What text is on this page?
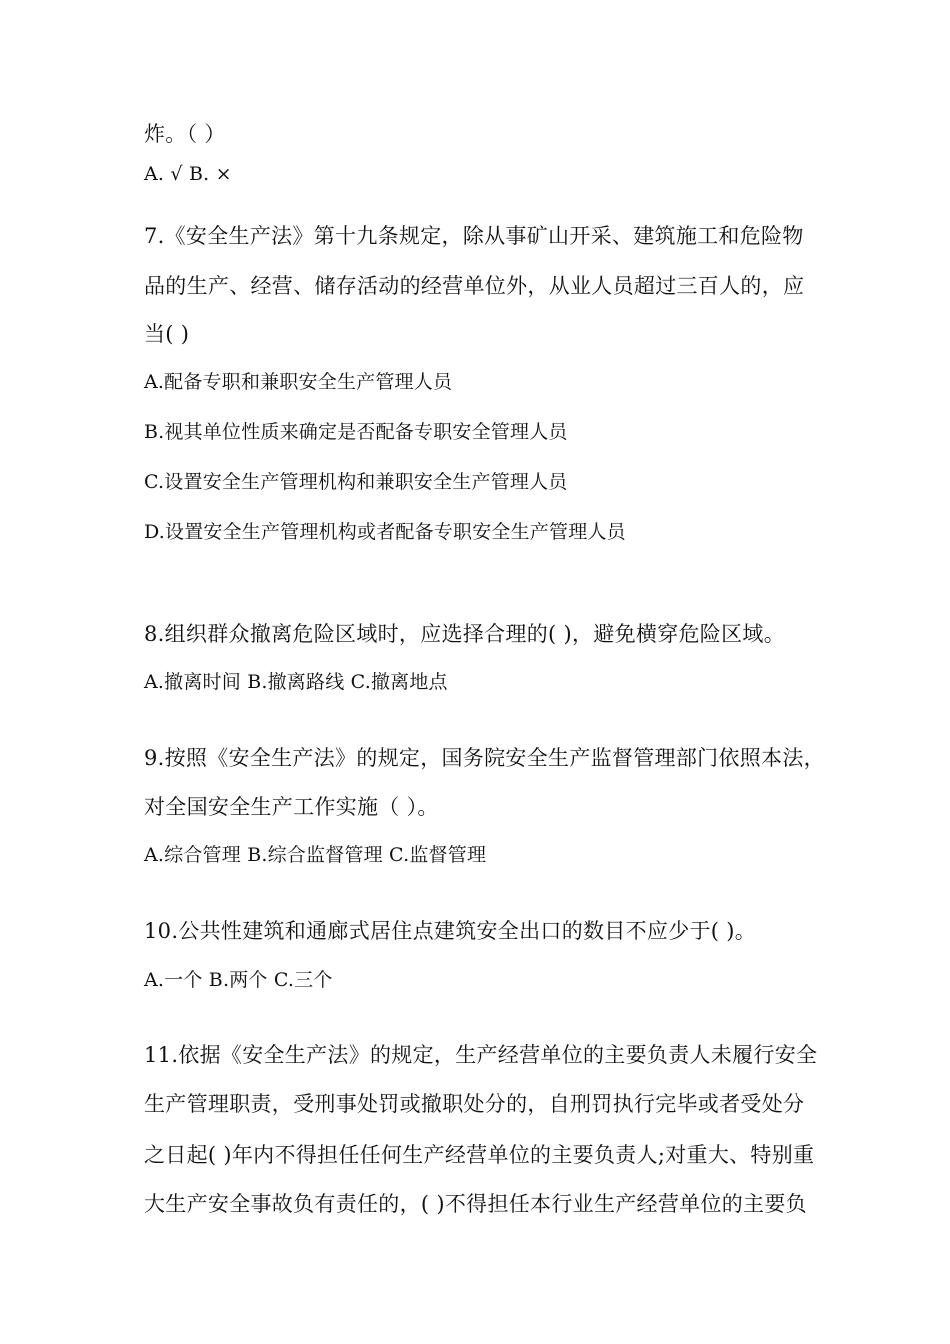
炸。（ ）
A. √ B. ×
7.《安全生产法》第十九条规定，除从事矿山开采、建筑施工和危险物
品的生产、经营、储存活动的经营单位外，从业人员超过三百人的，应
当( )
A.配备专职和兼职安全生产管理人员
B.视其单位性质来确定是否配备专职安全管理人员
C.设置安全生产管理机构和兼职安全生产管理人员
D.设置安全生产管理机构或者配备专职安全生产管理人员
8.组织群众撤离危险区域时，应选择合理的( )，避免横穿危险区域。
A.撤离时间 B.撤离路线 C.撤离地点
9.按照《安全生产法》的规定，国务院安全生产监督管理部门依照本法，
对全国安全生产工作实施（ ）。
A.综合管理 B.综合监督管理 C.监督管理
10.公共性建筑和通廊式居住点建筑安全出口的数目不应少于( )。
A.一个 B.两个 C.三个
11.依据《安全生产法》的规定，生产经营单位的主要负责人未履行安全
生产管理职责，受刑事处罚或撤职处分的，自刑罚执行完毕或者受处分
之日起( )年内不得担任任何生产经营单位的主要负责人;对重大、特别重
大生产安全事故负有责任的，( )不得担任本行业生产经营单位的主要负
